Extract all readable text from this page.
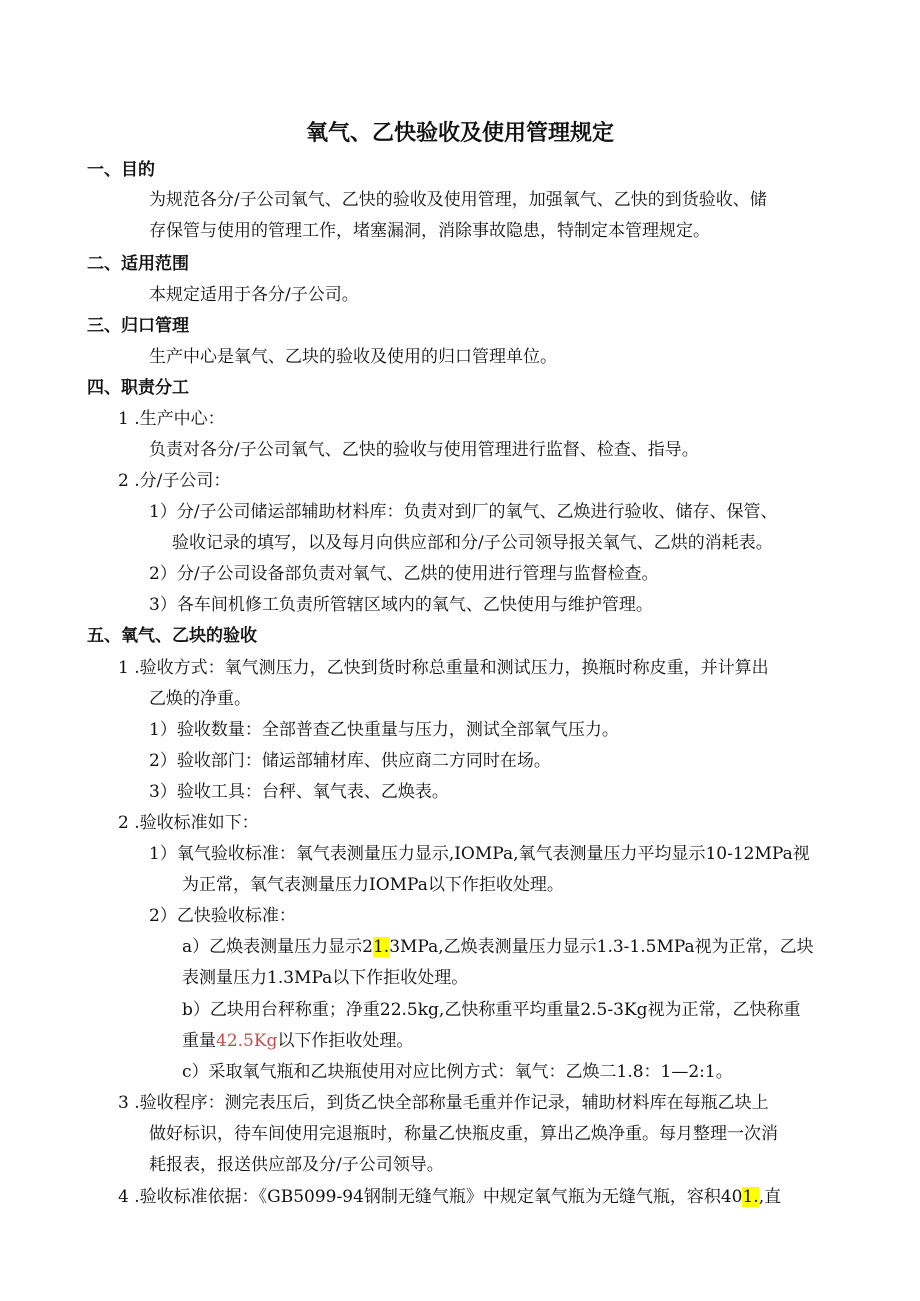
氧气、乙快验收及使用管理规定
一、目的
为规范各分/子公司氧气、乙快的验收及使用管理，加强氧气、乙快的到货验收、储
存保管与使用的管理工作，堵塞漏洞，消除事故隐患，特制定本管理规定。
二、适用范围
本规定适用于各分/子公司。
三、归口管理
生产中心是氧气、乙块的验收及使用的归口管理单位。
四、职责分工
1 .生产中心：
负责对各分/子公司氧气、乙快的验收与使用管理进行监督、检查、指导。
2 .分/子公司：
1）分/子公司储运部辅助材料库：负责对到厂的氧气、乙焕进行验收、储存、保管、
验收记录的填写，以及每月向供应部和分/子公司领导报关氧气、乙烘的消耗表。
2）分/子公司设备部负责对氧气、乙烘的使用进行管理与监督检查。
3）各车间机修工负责所管辖区域内的氧气、乙快使用与维护管理。
五、氧气、乙块的验收
1 .验收方式：氧气测压力，乙快到货时称总重量和测试压力，换瓶时称皮重，并计算出
乙焕的净重。
1）验收数量：全部普查乙快重量与压力，测试全部氧气压力。
2）验收部门：储运部辅材库、供应商二方同时在场。
3）验收工具：台秤、氧气表、乙焕表。
2 .验收标准如下：
1）氧气验收标准：氧气表测量压力显示,IOMPa,氧气表测量压力平均显示10-12MPa视
为正常，氧气表测量压力IOMPa以下作拒收处理。
2）乙快验收标准：
a）乙焕表测量压力显示21.3MPa,乙焕表测量压力显示1.3-1.5MPa视为正常，乙块
表测量压力1.3MPa以下作拒收处理。
b）乙块用台秤称重；净重22.5kg,乙快称重平均重量2.5-3Kg视为正常，乙快称重
重量42.5Kg以下作拒收处理。
c）采取氧气瓶和乙块瓶使用对应比例方式：氧气：乙焕二1.8：1—2:1。
3 .验收程序：测完表压后，到货乙快全部称量毛重并作记录，辅助材料库在每瓶乙块上
做好标识，待车间使用完退瓶时，称量乙快瓶皮重，算出乙焕净重。每月整理一次消
耗报表，报送供应部及分/子公司领导。
4 .验收标准依据：《GB5099-94钢制无缝气瓶》中规定氧气瓶为无缝气瓶，容积401.,直
